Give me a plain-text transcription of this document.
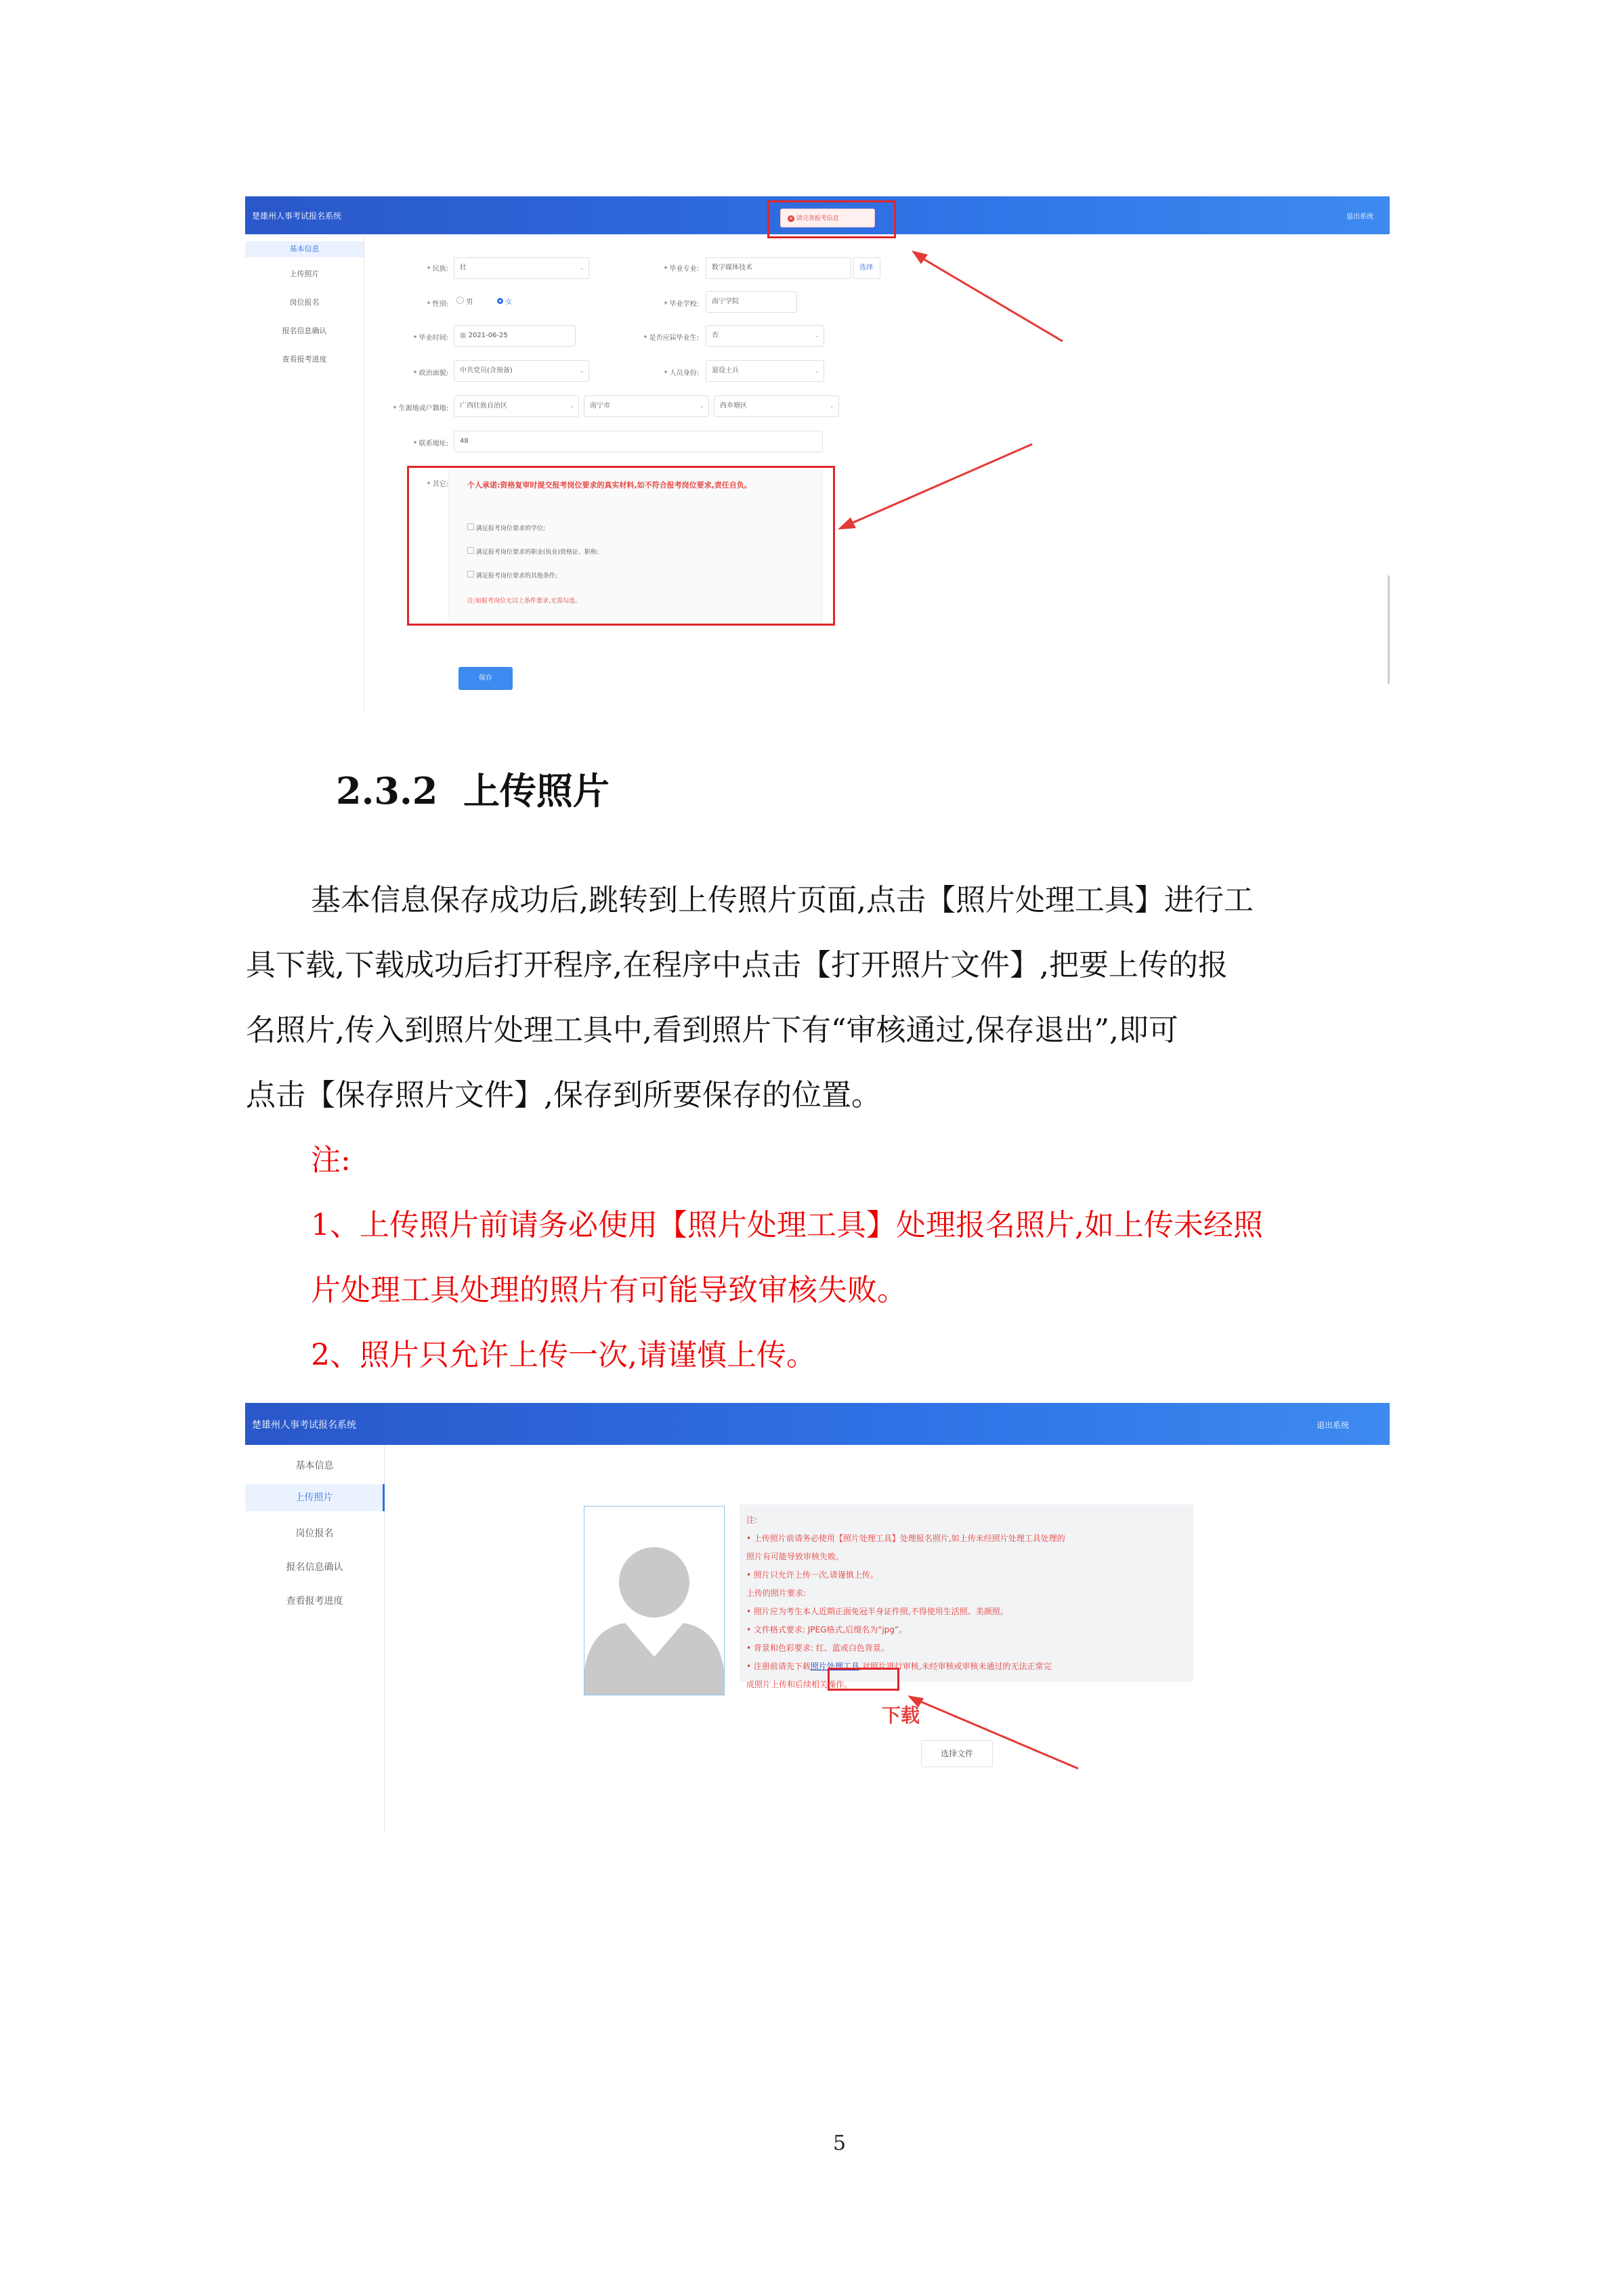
楚雄州人事考试报名系统	退出系统
× 请完善报考信息
基本信息
上传照片
岗位报名
报名信息确认
查看报考进度
* 民族:	壮	⌄	* 毕业专业:	数字媒体技术	选择
* 性别:	男	女	* 毕业学校:	南宁学院
* 毕业时间:	▦ 2021-06-25	* 是否应届毕业生:	否	⌄
* 政治面貌:	中共党员(含预备)	⌄	* 人员身份:	退役士兵	⌄
* 生源地或户籍地:	广西壮族自治区	⌄	南宁市	⌄	西乡塘区	⌄
* 联系地址:	48
* 其它:	个人承诺:资格复审时提交报考岗位要求的真实材料,如不符合报考岗位要求,责任自负。
满足报考岗位要求的学位;
满足报考岗位要求的职业(执业)资格证、职称;
满足报考岗位要求的其他条件;
注:如报考岗位无以上条件要求,无需勾选。
保存
2.3.2 上传照片
基本信息保存成功后,跳转到上传照片页面,点击【照片处理工具】进行工
具下载,下载成功后打开程序,在程序中点击【打开照片文件】,把要上传的报
名照片,传入到照片处理工具中,看到照片下有“审核通过,保存退出”,即可
点击【保存照片文件】,保存到所要保存的位置。
注:
1、上传照片前请务必使用【照片处理工具】处理报名照片,如上传未经照
片处理工具处理的照片有可能导致审核失败。
2、照片只允许上传一次,请谨慎上传。
楚雄州人事考试报名系统	退出系统
基本信息
上传照片
岗位报名
报名信息确认
查看报考进度
注:
• 上传照片前请务必使用【照片处理工具】处理报名照片,如上传未经照片处理工具处理的
照片有可能导致审核失败。
• 照片只允许上传一次,请谨慎上传。
上传的照片要求:
• 照片应为考生本人近期正面免冠半身证件照,不得使用生活照、美颜照。
• 文件格式要求: JPEG格式,后缀名为“jpg”。
• 背景和色彩要求: 红、蓝或白色背景。
• 注册前请先下载照片处理工具,对照片进行审核,未经审核或审核未通过的无法正常完
成照片上传和后续相关操作。
下载
选择文件
5
